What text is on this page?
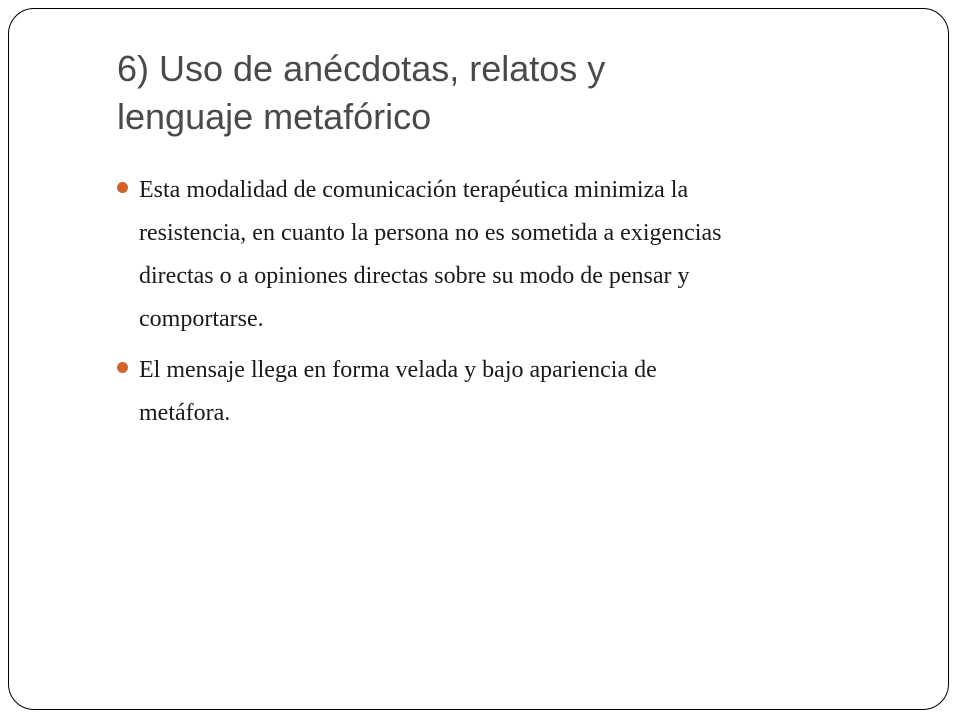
6) Uso de anécdotas, relatos y
lenguaje metafórico
Esta modalidad de comunicación terapéutica minimiza la
resistencia, en cuanto la persona no es sometida a exigencias
directas o a opiniones directas sobre su modo de pensar y
comportarse.
El mensaje llega en forma velada y bajo apariencia de
metáfora.
